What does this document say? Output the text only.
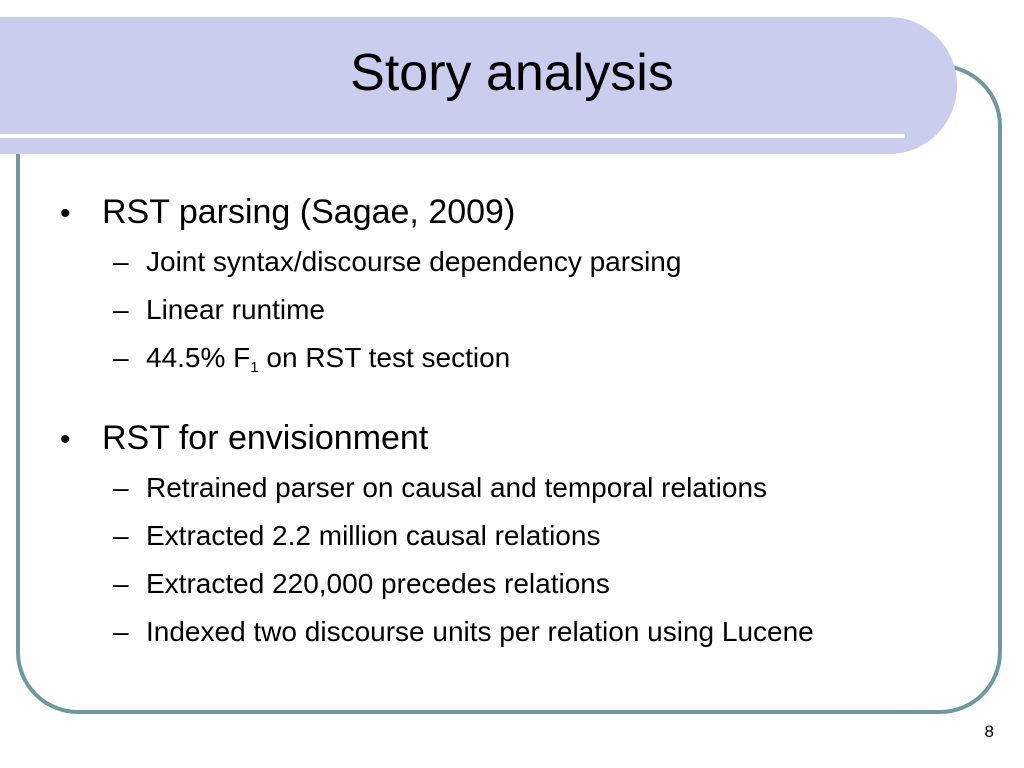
Story analysis
• RST parsing (Sagae, 2009)
– Joint syntax/discourse dependency parsing
– Linear runtime
– 44.5% $F_1$ on RST test section
• RST for envisionment
– Retrained parser on causal and temporal relations
– Extracted 2.2 million causal relations
– Extracted 220,000 precedes relations
– Indexed two discourse units per relation using Lucene
8
